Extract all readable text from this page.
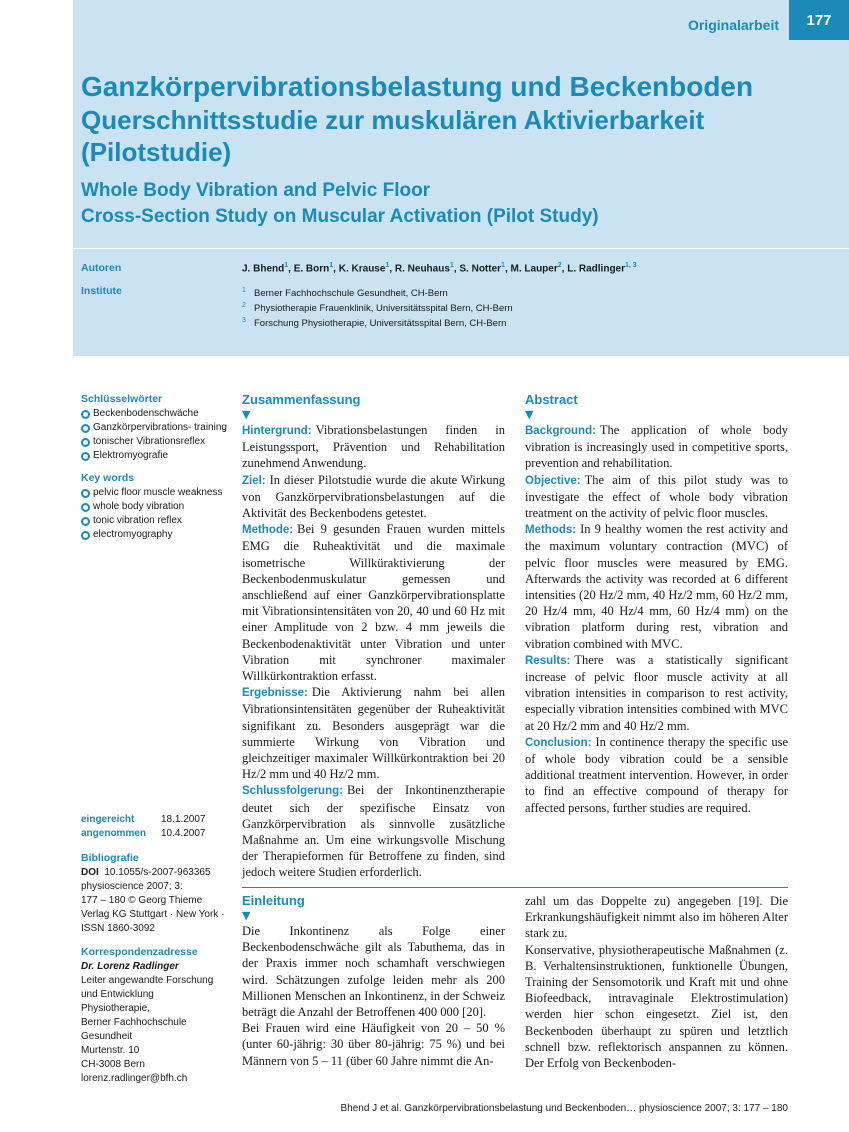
Originalarbeit	177
Ganzkörpervibrationsbelastung und Beckenboden
Querschnittsstudie zur muskulären Aktivierbarkeit (Pilotstudie)
Whole Body Vibration and Pelvic Floor
Cross-Section Study on Muscular Activation (Pilot Study)
Autoren
Institute
J. Bhend$^1$, E. Born$^1$, K. Krause$^1$, R. Neuhaus$^1$, S. Notter$^1$, M. Lauper$^2$, L. Radlinger$^{1, 3}$
$^1$ Berner Fachhochschule Gesundheit, CH-Bern
$^2$ Physiotherapie Frauenklinik, Universitätsspital Bern, CH-Bern
$^3$ Forschung Physiotherapie, Universitätsspital Bern, CH-Bern
Schlüsselwörter
Beckenbodenschwäche
Ganzkörpervibrations- training
tonischer Vibrationsreflex
Elektromyografie
Key words
pelvic floor muscle weakness
whole body vibration
tonic vibration reflex
electromyography
eingereicht	18.1.2007
angenommen 10.4.2007
Bibliografie
DOI 10.1055/s-2007-963365
physioscience 2007; 3:
177 – 180 © Georg Thieme
Verlag KG Stuttgart · New York ·
ISSN 1860-3092
Korrespondenzadresse
Dr. Lorenz Radlinger
Leiter angewandte Forschung
und Entwicklung
Physiotherapie,
Berner Fachhochschule
Gesundheit
Murtenstr. 10
CH-3008 Bern
lorenz.radlinger@bfh.ch
Zusammenfassung
▼

Hintergrund: Vibrationsbelastungen finden in Leistungssport, Prävention und Rehabilitation zunehmend Anwendung.

Ziel: In dieser Pilotstudie wurde die akute Wirkung von Ganzkörpervibrationsbelastungen auf die Aktivität des Beckenbodens getestet.

Methode: Bei 9 gesunden Frauen wurden mittels EMG die Ruheaktivität und die maximale isometrische Willküraktivierung der Beckenbodenmuskulatur gemessen und anschließend auf einer Ganzkörpervibrationsplatte mit Vibrationsintensitäten von 20, 40 und 60 Hz mit einer Amplitude von 2 bzw. 4 mm jeweils die Beckenbodenaktivität unter Vibration und unter Vibration mit synchroner maximaler Willkürkontraktion erfasst.

Ergebnisse: Die Aktivierung nahm bei allen Vibrationsintensitäten gegenüber der Ruheaktivität signifikant zu. Besonders ausgeprägt war die summierte Wirkung von Vibration und gleichzeitiger maximaler Willkürkontraktion bei 20 Hz/2 mm und 40 Hz/2 mm.

Schlussfolgerung: Bei der Inkontinenztherapie deutet sich der spezifische Einsatz von Ganzkörpervibration als sinnvolle zusätzliche Maßnahme an. Um eine wirkungsvolle Mischung der Therapieformen für Betroffene zu finden, sind jedoch weitere Studien erforderlich.

Abstract
▼

Background: The application of whole body vibration is increasingly used in competitive sports, prevention and rehabilitation.

Objective: The aim of this pilot study was to investigate the effect of whole body vibration treatment on the activity of pelvic floor muscles.

Methods: In 9 healthy women the rest activity and the maximum voluntary contraction (MVC) of pelvic floor muscles were measured by EMG. Afterwards the activity was recorded at 6 different intensities (20 Hz/2 mm, 40 Hz/2 mm, 60 Hz/2 mm, 20 Hz/4 mm, 40 Hz/4 mm, 60 Hz/4 mm) on the vibration platform during rest, vibration and vibration combined with MVC.

Results: There was a statistically significant increase of pelvic floor muscle activity at all vibration intensities in comparison to rest activity, especially vibration intensities combined with MVC at 20 Hz/2 mm and 40 Hz/2 mm.

Conclusion: In continence therapy the specific use of whole body vibration could be a sensible additional treatment intervention. However, in order to find an effective compound of therapy for affected persons, further studies are required.

Einleitung
▼

Die Inkontinenz als Folge einer Beckenbodenschwäche gilt als Tabuthema, das in der Praxis immer noch schamhaft verschwiegen wird. Schätzungen zufolge leiden mehr als 200 Millionen Menschen an Inkontinenz, in der Schweiz beträgt die Anzahl der Betroffenen 400 000 [20].

Bei Frauen wird eine Häufigkeit von 20 – 50 % (unter 60-jährig: 30 über 80-jährig: 75 %) und bei Männern von 5 – 11 (über 60 Jahre nimmt die An-

zahl um das Doppelte zu) angegeben [19]. Die Erkrankungshäufigkeit nimmt also im höheren Alter stark zu.

Konservative, physiotherapeutische Maßnahmen (z. B. Verhaltensinstruktionen, funktionelle Übungen, Training der Sensomotorik und Kraft mit und ohne Biofeedback, intravaginale Elektrostimulation) werden hier schon eingesetzt. Ziel ist, den Beckenboden überhaupt zu spüren und letztlich schnell bzw. reflektorisch anspannen zu können. Der Erfolg von Beckenboden-

Bhend J et al. Ganzkörpervibrationsbelastung und Beckenboden… physioscience 2007; 3: 177 – 180
